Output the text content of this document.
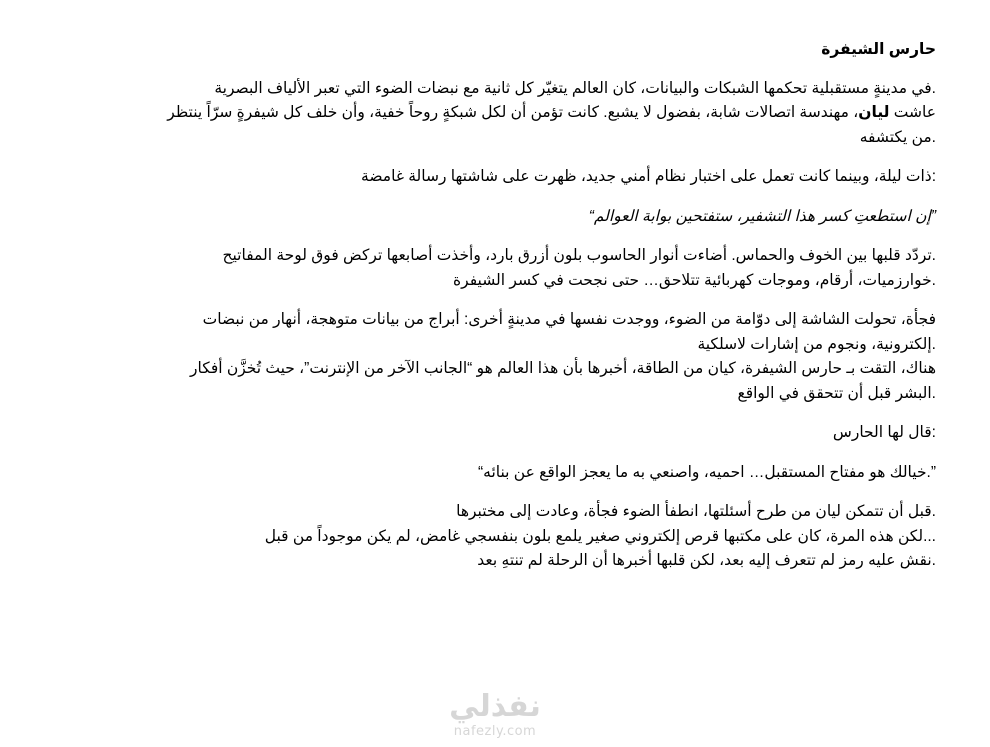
حارس الشيفرة

.في مدينةٍ مستقبلية تحكمها الشبكات والبيانات، كان العالم يتغيّر كل ثانية مع نبضات الضوء التي تعبر الألياف البصرية
عاشت ليان، مهندسة اتصالات شابة، بفضول لا يشبع. كانت تؤمن أن لكل شبكةٍ روحاً خفية، وأن خلف كل شيفرةٍ سرّاً ينتظر
.من يكتشفه

:ذات ليلة، وبينما كانت تعمل على اختبار نظام أمني جديد، ظهرت على شاشتها رسالة غامضة

”إن استطعتِ كسر هذا التشفير، ستفتحين بوابة العوالم“

.تردّد قلبها بين الخوف والحماس. أضاءت أنوار الحاسوب بلون أزرق بارد، وأخذت أصابعها تركض فوق لوحة المفاتيح
.خوارزميات، أرقام، وموجات كهربائية تتلاحق… حتى نجحت في كسر الشيفرة

فجأة، تحولت الشاشة إلى دوّامة من الضوء، ووجدت نفسها في مدينةٍ أخرى: أبراج من بيانات متوهجة، أنهار من نبضات
.إلكترونية، ونجوم من إشارات لاسلكية

هناك، التقت بـ حارس الشيفرة، كيان من الطاقة، أخبرها بأن هذا العالم هو “الجانب الآخر من الإنترنت”، حيث تُخزَّن أفكار
.البشر قبل أن تتحقق في الواقع

:قال لها الحارس

”.خيالك هو مفتاح المستقبل… احميه، واصنعي به ما يعجز الواقع عن بنائه“

.قبل أن تتمكن ليان من طرح أسئلتها، انطفأ الضوء فجأة، وعادت إلى مختبرها
...لكن هذه المرة، كان على مكتبها قرص إلكتروني صغير يلمع بلون بنفسجي غامض، لم يكن موجوداً من قبل
.نقش عليه رمز لم تتعرف إليه بعد، لكن قلبها أخبرها أن الرحلة لم تنتهِ بعد

نفذلي
nafezly.com
